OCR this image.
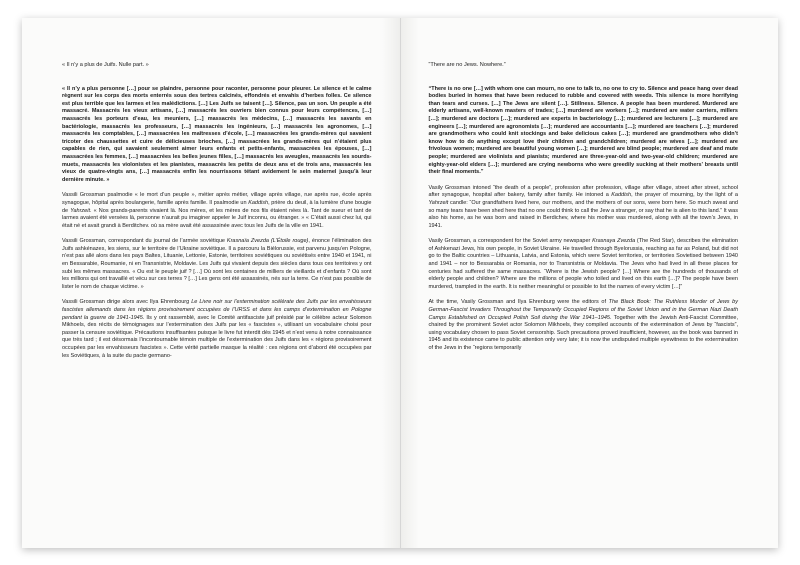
« Il n’y a plus de Juifs. Nulle part. »

« Il n’y a plus personne […] pour se plaindre, personne pour raconter, personne pour pleurer. Le silence et le calme règnent sur les corps des morts enterrés sous des tertres calcinés, effondrés et envahis d’herbes folles. Ce silence est plus terrible que les larmes et les malédictions. […] Les Juifs se taisent […]. Silence, pas un son. Un peuple a été massacré. Massacrés les vieux artisans, […] massacrés les ouvriers bien connus pour leurs compétences, […] massacrés les porteurs d’eau, les meuniers, […] massacrés les médecins, […] massacrés les savants en bactériologie, massacrés les professeurs, […] massacrés les ingénieurs, […] massacrés les agronomes, […] massacrés les comptables, […] massacrées les maîtresses d’école, […] massacrées les grands-mères qui savaient tricoter des chaussettes et cuire de délicieuses brioches, […] massacrées les grands-mères qui n’étaient plus capables de rien, qui savaient seulement aimer leurs enfants et petits-enfants, massacrées les épouses, […] massacrées les femmes, […] massacrées les belles jeunes filles, […] massacrés les aveugles, massacrés les sourds-muets, massacrés les violonistes et les pianistes, massacrés les petits de deux ans et de trois ans, massacrés les vieux de quatre-vingts ans, […] massacrés enfin les nourrissons tétant avidement le sein maternel jusqu’à leur dernière minute. »

Vassili Grossman psalmodie « le mort d’un peuple », métier après métier, village après village, rue après rue, école après synagogue, hôpital après boulangerie, famille après famille. Il psalmodie un Kaddish, prière du deuil, à la lumière d’une bougie de Yahrzeit. « Nos grands-parents vivaient là. Nos mères, et les mères de nos fils étaient nées là. Tant de sueur et tant de larmes avaient été versées là, personne n’aurait pu imaginer appeler le Juif inconnu, ou étranger. » « C’était aussi chez lui, qui était né et avait grandi à Berditchev. où sa mère avait été assassinée avec tous les Juifs de la ville en 1941.

Vassili Grossman, correspondant du journal de l’armée soviétique Krasnaïa Zvezda (L’Étoile rouge), énonce l’élimination des Juifs ashkénazes, les siens, sur le territoire de l’Ukraine soviétique. Il a parcouru la Biélorussie, est parvenu jusqu’en Pologne, n’est pas allé alors dans les pays Baltes, Lituanie, Lettonie, Estonie, territoires soviétiques ou soviétisés entre 1940 et 1941, ni en Bessarabie, Roumanie, ni en Transnistrie, Moldavie. Les Juifs qui vivaient depuis des siècles dans tous ces territoires y ont subi les mêmes massacres. « Ou est le peuple juif ? […] Où sont les centaines de milliers de vieillards et d’enfants ? Où sont les millions qui ont travaillé et vécu sur ces terres ? […] Les gens ont été assassinés, nés sur la terre. Ce n’est pas possible de lister le nom de chaque victime. »

Vassili Grossman dirige alors avec Ilya Ehrenbourg Le Livre noir sur l’extermination scélérate des Juifs par les envahisseurs fascistes allemands dans les régions provisoirement occupées de l’URSS et dans les camps d’extermination en Pologne pendant la guerre de 1941-1945. Ils y ont rassemblé, avec le Comité antifasciste juif présidé par le célèbre acteur Solomon Mikhoels, des récits de témoignages sur l’extermination des Juifs par les « fascistes », utilisant un vocabulaire choisi pour passer la censure soviétique. Précautions insuffisantes puisque le livre fut interdit dès 1945 et n’est venu à notre connaissance que très tard ; il est désormais l’incontournable témoin multiple de l’extermination des Juifs dans les « régions provisoirement occupées par les envahisseurs fascistes ». Cette vérité partielle masque la réalité : ces régions ont d’abord été occupées par les Soviétiques, à la suite du pacte germano-

“There are no Jews. Nowhere.”

“There is no one […] with whom one can mourn, no one to talk to, no one to cry to. Silence and peace hang over dead bodies buried in homes that have been reduced to rubble and covered with weeds. This silence is more horrifying than tears and curses. […] The Jews are silent […]. Stillness. Silence. A people has been murdered. Murdered are elderly artisans, well-known masters of trades; […] murdered are workers […]; murdered are water carriers, millers […]; murdered are doctors […]; murdered are experts in bacteriology […]; murdered are lecturers […]; murdered are engineers […]; murdered are agronomists […]; murdered are accountants […]; murdered are teachers […]; murdered are grandmothers who could knit stockings and bake delicious cakes […]; murdered are grandmothers who didn’t know how to do anything except love their children and grandchildren; murdered are wives […]; murdered are frivolous women; murdered are beautiful young women […]; murdered are blind people; murdered are deaf and mute people; murdered are violinists and pianists; murdered are three-year-old and two-year-old children; murdered are eighty-year-old elders […]; murdered are crying newborns who were greedily sucking at their mothers’ breasts until their final moments.”

Vasily Grossman intoned “the death of a people”, profession after profession, village after village, street after street, school after synagogue, hospital after bakery, family after family. He intoned a Kaddish, the prayer of mourning, by the light of a Yahrzeit candle: “Our grandfathers lived here, our mothers, and the mothers of our sons, were born here. So much sweat and so many tears have been shed here that no one could think to call the Jew a stranger, or say that he is alien to this land.” It was also his home, as he was born and raised in Berdichev, where his mother was murdered, along with all the town’s Jews, in 1941.

Vasily Grossman, a correspondent for the Soviet army newspaper Krasnaya Zvezda (The Red Star), describes the elimination of Ashkenazi Jews, his own people, in Soviet Ukraine. He travelled through Byelorussia, reaching as far as Poland, but did not go to the Baltic countries – Lithuania, Latvia, and Estonia, which were Soviet territories, or territories Sovietised between 1940 and 1941 – nor to Bessarabia or Romania, nor to Transnistria or Moldavia. The Jews who had lived in all these places for centuries had suffered the same massacres. “Where is the Jewish people? […] Where are the hundreds of thousands of elderly people and children? Where are the millions of people who toiled and lived on this earth […]? The people have been murdered, trampled in the earth. It is neither meaningful or possible to list the names of every victim […]”

At the time, Vasily Grossman and Ilya Ehrenburg were the editors of The Black Book: The Ruthless Murder of Jews by German-Fascist Invaders Throughout the Temporarily Occupied Regions of the Soviet Union and in the German Nazi Death Camps Established on Occupied Polish Soil during the War 1941–1945. Together with the Jewish Anti-Fascist Committee, chaired by the prominent Soviet actor Solomon Mikhoels, they compiled accounts of the extermination of Jews by “fascists”, using vocabulary chosen to pass Soviet censorship. Such precautions proved insufficient, however, as the book was banned in 1945 and its existence came to public attention only very late; it is now the undisputed multiple eyewitness to the extermination of the Jews in the “regions temporarily
